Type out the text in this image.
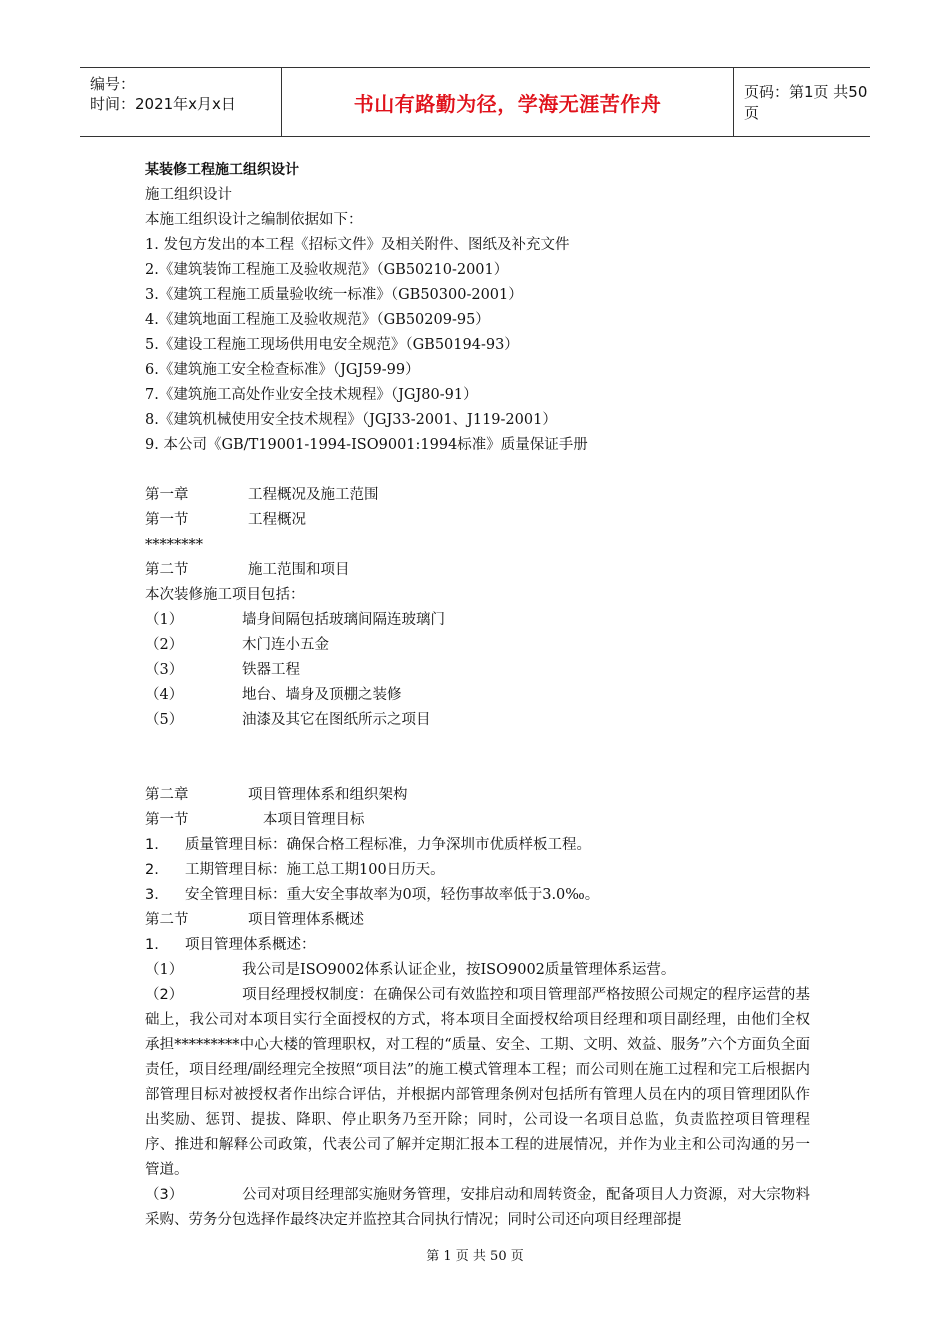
编号：
时间：2021年x月x日	书山有路勤为径，学海无涯苦作舟	页码：第1页 共50页
某装修工程施工组织设计
施工组织设计
本施工组织设计之编制依据如下：
1. 发包方发出的本工程《招标文件》及相关附件、图纸及补充文件
2.《建筑装饰工程施工及验收规范》（GB50210-2001）
3.《建筑工程施工质量验收统一标准》（GB50300-2001）
4.《建筑地面工程施工及验收规范》（GB50209-95）
5.《建设工程施工现场供用电安全规范》（GB50194-93）
6.《建筑施工安全检查标准》（JGJ59-99）
7.《建筑施工高处作业安全技术规程》（JGJ80-91）
8.《建筑机械使用安全技术规程》（JGJ33-2001、J119-2001）
9. 本公司《GB/T19001-1994-ISO9001:1994标准》质量保证手册
第一章	工程概况及施工范围
第一节	工程概况
********
第二节	施工范围和项目
本次装修施工项目包括：
（1）	墙身间隔包括玻璃间隔连玻璃门
（2）	木门连小五金
（3）	铁器工程
（4）	地台、墙身及顶棚之装修
（5）	油漆及其它在图纸所示之项目
第二章	项目管理体系和组织架构
第一节	本项目管理目标
1. 质量管理目标：确保合格工程标准，力争深圳市优质样板工程。
2. 工期管理目标：施工总工期100日历天。
3. 安全管理目标：重大安全事故率为0项，轻伤事故率低于3.0‰。
第二节	项目管理体系概述
1. 项目管理体系概述：
（1）	我公司是ISO9002体系认证企业，按ISO9002质量管理体系运营。
（2）	项目经理授权制度：在确保公司有效监控和项目管理部严格按照公司规定的程序运营的基础上，我公司对本项目实行全面授权的方式，将本项目全面授权给项目经理和项目副经理，由他们全权承担*********中心大楼的管理职权，对工程的“质量、安全、工期、文明、效益、服务”六个方面负全面责任，项目经理/副经理完全按照“项目法”的施工模式管理本工程；而公司则在施工过程和完工后根据内部管理目标对被授权者作出综合评估，并根据内部管理条例对包括所有管理人员在内的项目管理团队作出奖励、惩罚、提拔、降职、停止职务乃至开除；同时，公司设一名项目总监，负责监控项目管理程序、推进和解释公司政策，代表公司了解并定期汇报本工程的进展情况，并作为业主和公司沟通的另一管道。
（3）	公司对项目经理部实施财务管理，安排启动和周转资金，配备项目人力资源，对大宗物料采购、劳务分包选择作最终决定并监控其合同执行情况；同时公司还向项目经理部提
第 1 页 共 50 页
